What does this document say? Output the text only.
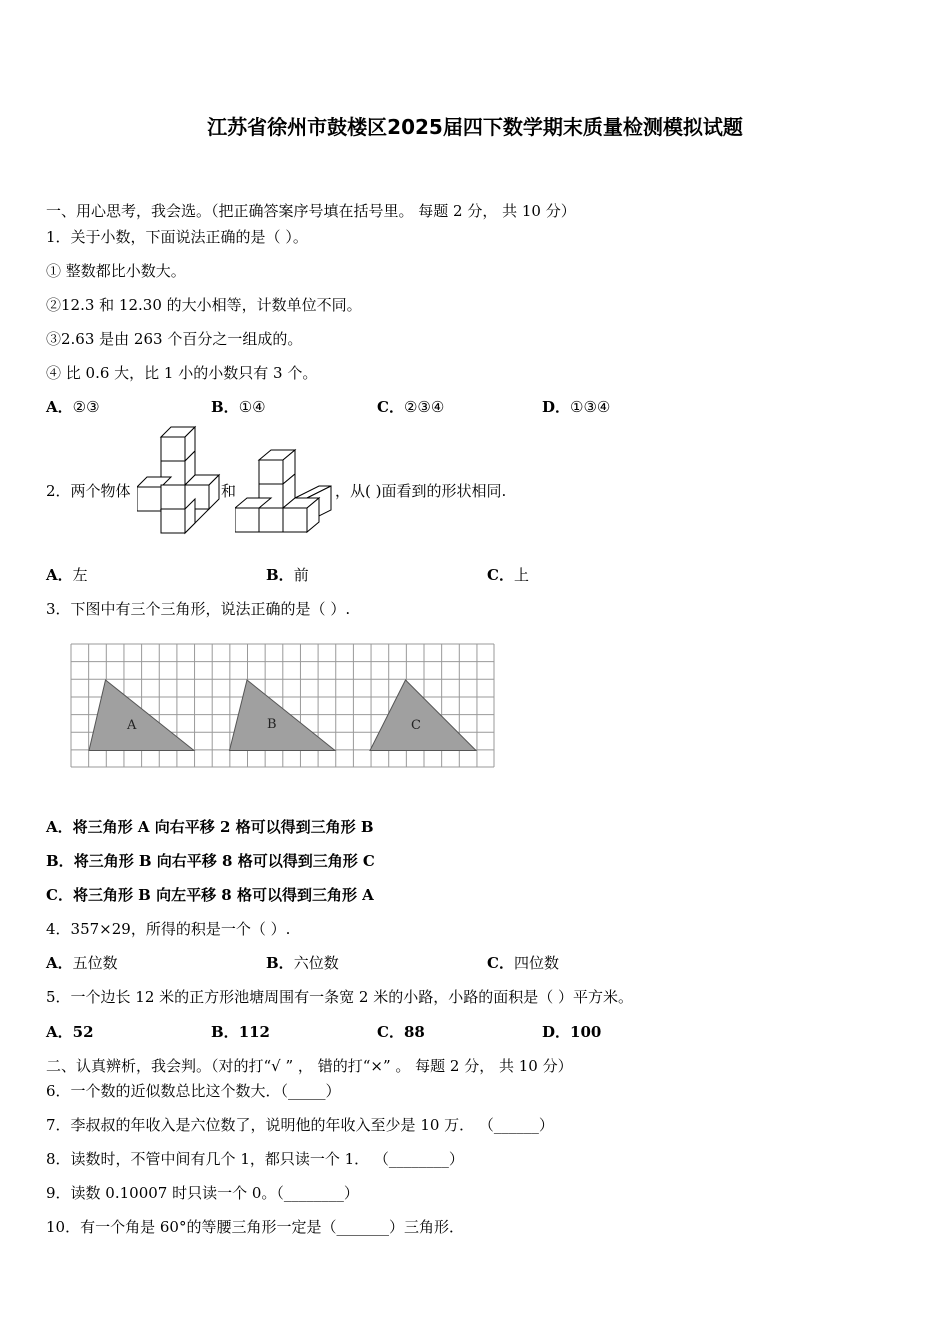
江苏省徐州市鼓楼区2025届四下数学期末质量检测模拟试题
一、用心思考，我会选。（把正确答案序号填在括号里。 每题 2 分， 共 10 分）
1．关于小数，下面说法正确的是（ ）。
① 整数都比小数大。
②12.3 和 12.30 的大小相等，计数单位不同。
③2.63 是由 263 个百分之一组成的。
④ 比 0.6 大，比 1 小的小数只有 3 个。
A．②③	B．①④	C．②③④	D．①③④
2．两个物体	和	，从( )面看到的形状相同.
A．左	B．前	C．上
3．下图中有三个三角形，说法正确的是（ ）.
A	B	C
A．将三角形 A 向右平移 2 格可以得到三角形 B
B．将三角形 B 向右平移 8 格可以得到三角形 C
C．将三角形 B 向左平移 8 格可以得到三角形 A
4．357×29，所得的积是一个（ ）.
A．五位数	B．六位数	C．四位数
5．一个边长 12 米的正方形池塘周围有一条宽 2 米的小路，小路的面积是（ ）平方米。
A．52	B．112	C．88	D．100
二、认真辨析，我会判。（对的打“√ ” ， 错的打“×” 。 每题 2 分， 共 10 分）
6．一个数的近似数总比这个数大．（_____）
7．李叔叔的年收入是六位数了，说明他的年收入至少是 10 万． （______）
8．读数时，不管中间有几个 1，都只读一个 1． （________）
9．读数 0.10007 时只读一个 0。（________）
10．有一个角是 60°的等腰三角形一定是（_______）三角形．
